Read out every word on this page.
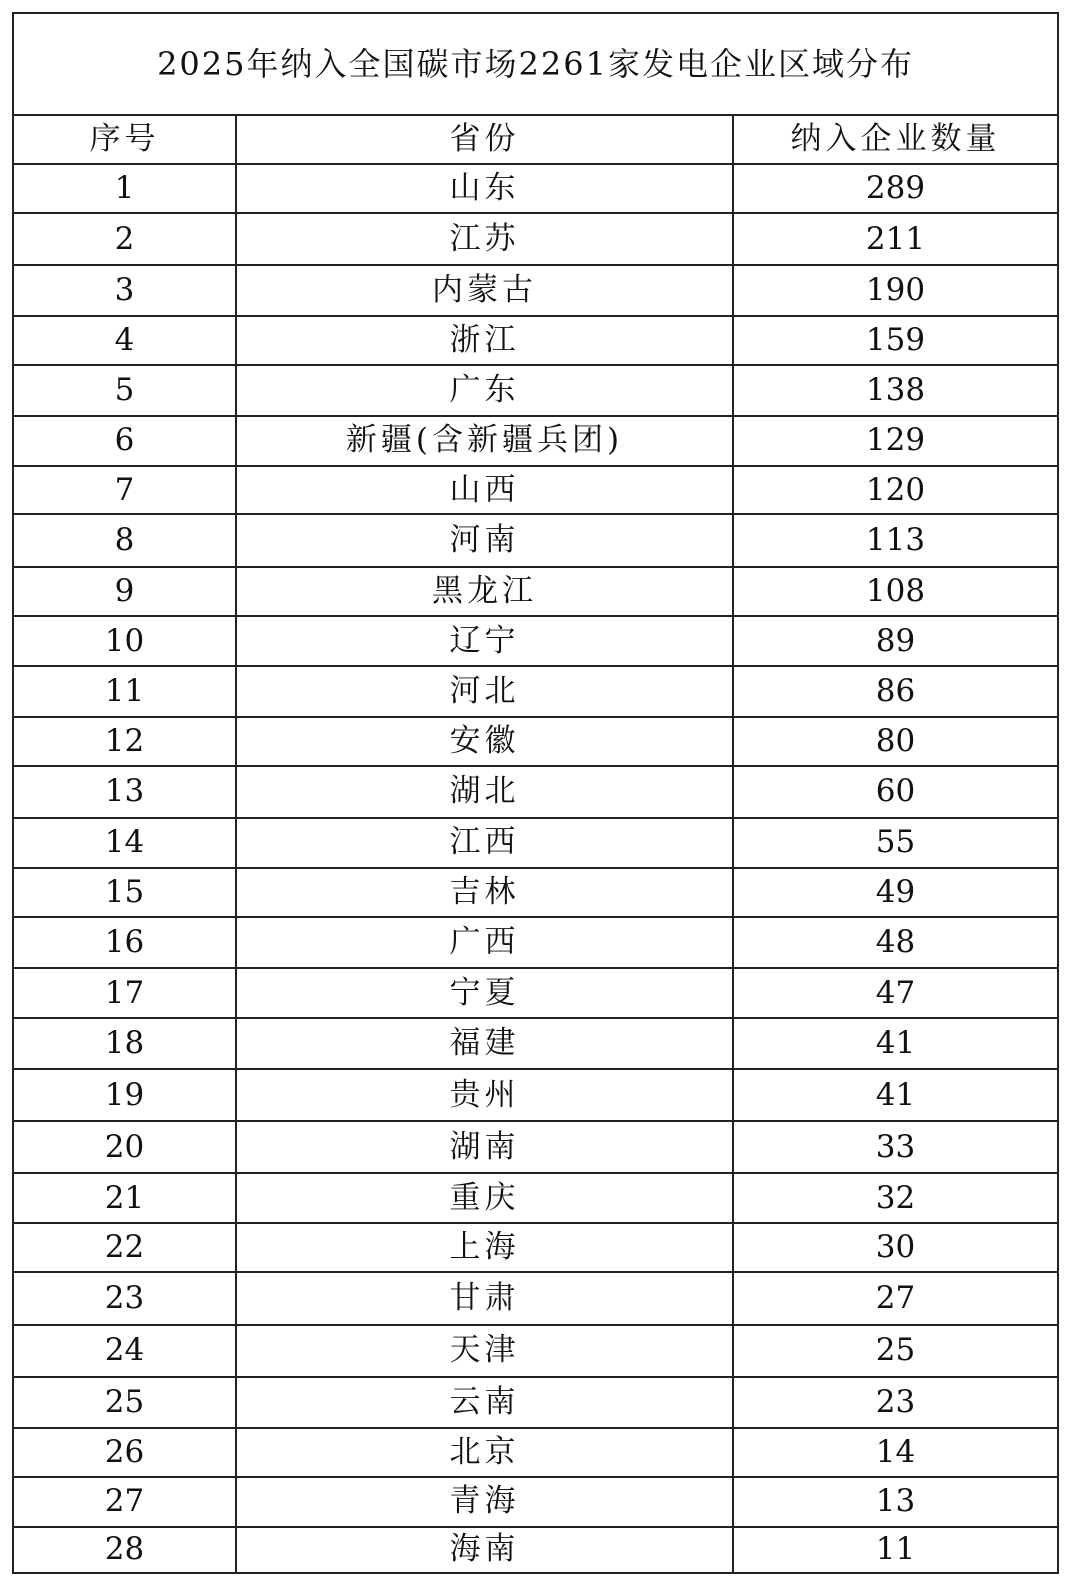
2025年纳入全国碳市场2261家发电企业区域分布		
序号	省份	纳入企业数量
1	山东	289
2	江苏	211
3	内蒙古	190
4	浙江	159
5	广东	138
6	新疆(含新疆兵团)	129
7	山西	120
8	河南	113
9	黑龙江	108
10	辽宁	89
11	河北	86
12	安徽	80
13	湖北	60
14	江西	55
15	吉林	49
16	广西	48
17	宁夏	47
18	福建	41
19	贵州	41
20	湖南	33
21	重庆	32
22	上海	30
23	甘肃	27
24	天津	25
25	云南	23
26	北京	14
27	青海	13
28	海南	11
